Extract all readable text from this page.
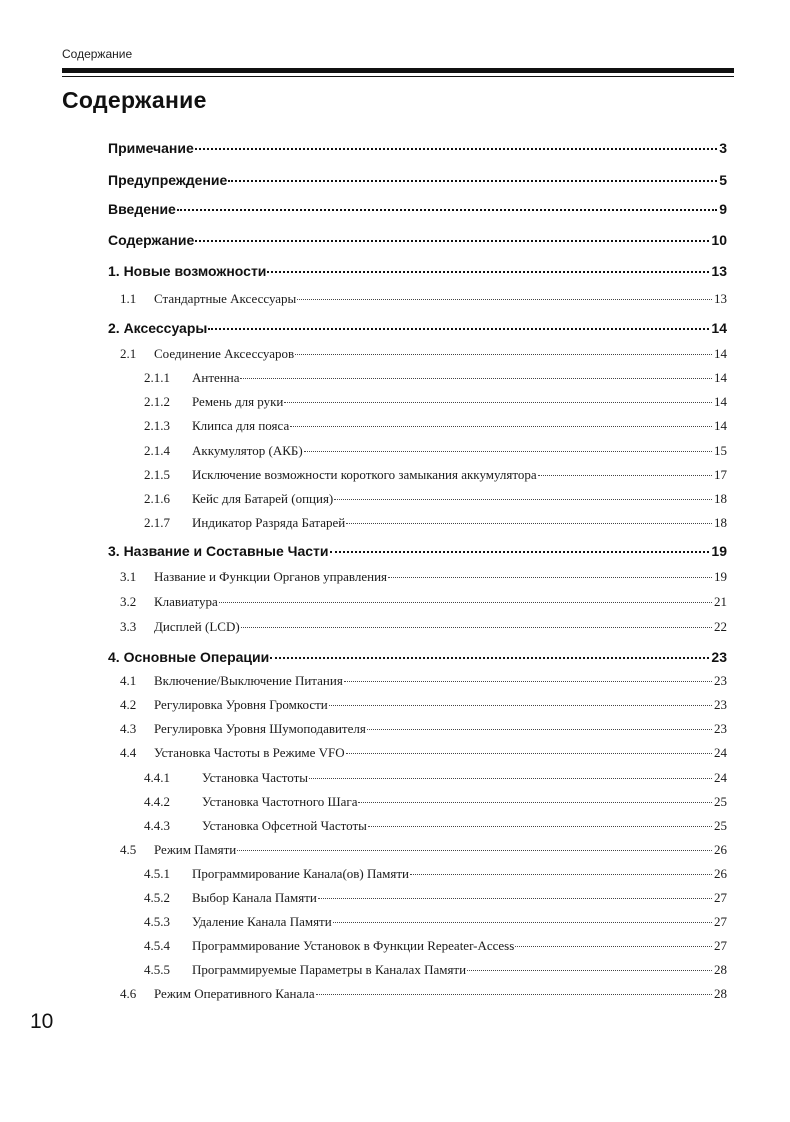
Содержание
Содержание
Примечание	3
Предупреждение	5
Введение	9
Содержание	10
1. Новые возможности	13
1.1	Стандартные Аксессуары	13
2. Аксессуары	14
2.1	Соединение Аксессуаров	14
2.1.1	Антенна	14
2.1.2	Ремень для руки	14
2.1.3	Клипса для пояса	14
2.1.4	Аккумулятор (АКБ)	15
2.1.5	Исключение возможности короткого замыкания аккумулятора	17
2.1.6	Кейс для Батарей (опция)	18
2.1.7	Индикатор Разряда Батарей	18
3. Название и Составные Части	19
3.1	Название и Функции Органов управления	19
3.2	Клавиатура	21
3.3	Дисплей (LCD)	22
4. Основные Операции	23
4.1	Включение/Выключение Питания	23
4.2	Регулировка Уровня Громкости	23
4.3	Регулировка Уровня Шумоподавителя	23
4.4	Установка Частоты в Режиме VFO	24
4.4.1	Установка Частоты	24
4.4.2	Установка Частотного Шага	25
4.4.3	Установка Офсетной Частоты	25
4.5	Режим Памяти	26
4.5.1	Программирование Канала(ов) Памяти	26
4.5.2	Выбор Канала Памяти	27
4.5.3	Удаление Канала Памяти	27
4.5.4	Программирование Установок в Функции Repeater-Access	27
4.5.5	Программируемые Параметры в Каналах Памяти	28
4.6	Режим Оперативного Канала	28
10
